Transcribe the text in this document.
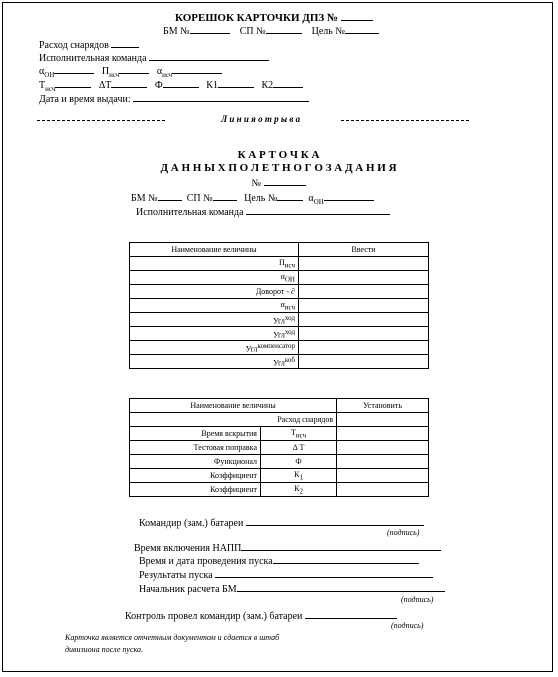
КОРЕШОК КАРТОЧКИ ДПЗ №
БМ №	СП №	Цель №
Расход снарядов
Исполнительная команда
$\alpha_{ОН}$	$П_{исч}$	$\alpha_{исч}$
$Т_{исч}$	ΔТ	Ф	К1	К2
Дата и время выдачи:
Л и н и я о т р ы в а
К А Р Т О Ч К А
Д А Н Н Ы Х П О Л Е Т Н О Г О З А Д А Н И Я
№
БМ №	СП №	Цель №	$\alpha_{ОН}$
Исполнительная команда
Наименование величины	Ввести
$П_{исч}$	
$\alpha_{ОН}$	
Доворот - ∂	
$\alpha_{исч}$	
Угл$^{ход}$	
Угл$^{ход}$	
Угл$^{компенсатор}$	
Угл$^{коб}$	
Наименование величины		Установить
Расход снарядов		
Время вскрытия	$Т_{исч}$	
Тестовая поправка	Δ Т	
Функционал	Ф	
Коэффициент	$К_1$	
Коэффициент	$К_2$	
Командир (зам.) батареи
(подпись)
Время включения НАПП
Время и дата проведения пуска
Результаты пуска
Начальник расчета БМ
(подпись)
Контроль провел командир (зам.) батареи
(подпись)
Карточка является отчетным документом и сдается в штаб
дивизиона после пуска.
